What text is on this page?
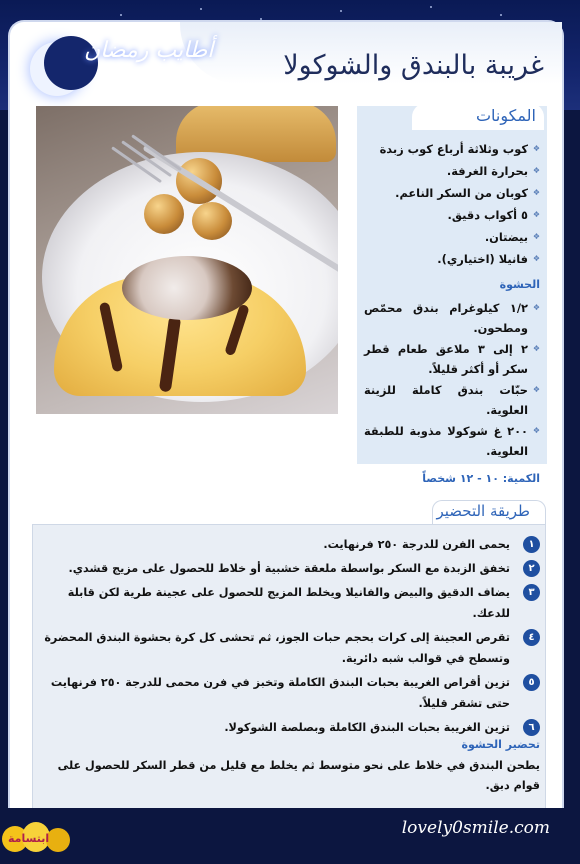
أطايب رمضان	غريبة بالبندق والشوكولا
المكونات
❖ كوب وثلاثة أرباع كوب زبدة
❖ بحرارة الغرفة.
❖ كوبان من السكر الناعم.
❖ ٥ أكواب دقيق.
❖ بيضتان.
❖
فانيلا (اختياري).
الحشوة
❖ ١/٢ كيلوغرام بندق محمّص ومطحون.
❖ ٢ إلى ٣ ملاعق طعام قطر سكر أو أكثر قليلاً.
❖ حبّات بندق كاملة للزينة العلوية.
❖ ٢٠٠ غ شوكولا مذوبة للطبقة العلوية.
الكمية: ١٠ - ١٢ شخصاً
طريقة التحضير
١
يحمى الفرن للدرجة ٢٥٠ فرنهايت.
٢
تخفق الزبدة مع السكر بواسطة ملعقة خشبية أو خلاط للحصول على مزيج قشدي.
٣
يضاف الدقيق والبيض والفانيلا ويخلط المزيج للحصول على عجينة طرية لكن قابلة للدعك.
٤
تقرص العجينة إلى كرات بحجم حبات الجوز، ثم تحشى كل كرة بحشوة البندق المحضرة وتسطح في قوالب شبه دائرية.
٥
تزين أقراص الغريبة بحبات البندق الكاملة وتخبز في فرن محمى للدرجة ٢٥٠ فرنهايت حتى تشقر قليلاً.
٦
تزين الغريبة بحبات البندق الكاملة وبصلصة الشوكولا.
تحضير الحشوة
يطحن البندق في خلاط على نحو متوسط ثم يخلط مع قليل من قطر السكر للحصول على قوام دبق.
ابتسامة
lovely0smile.com
